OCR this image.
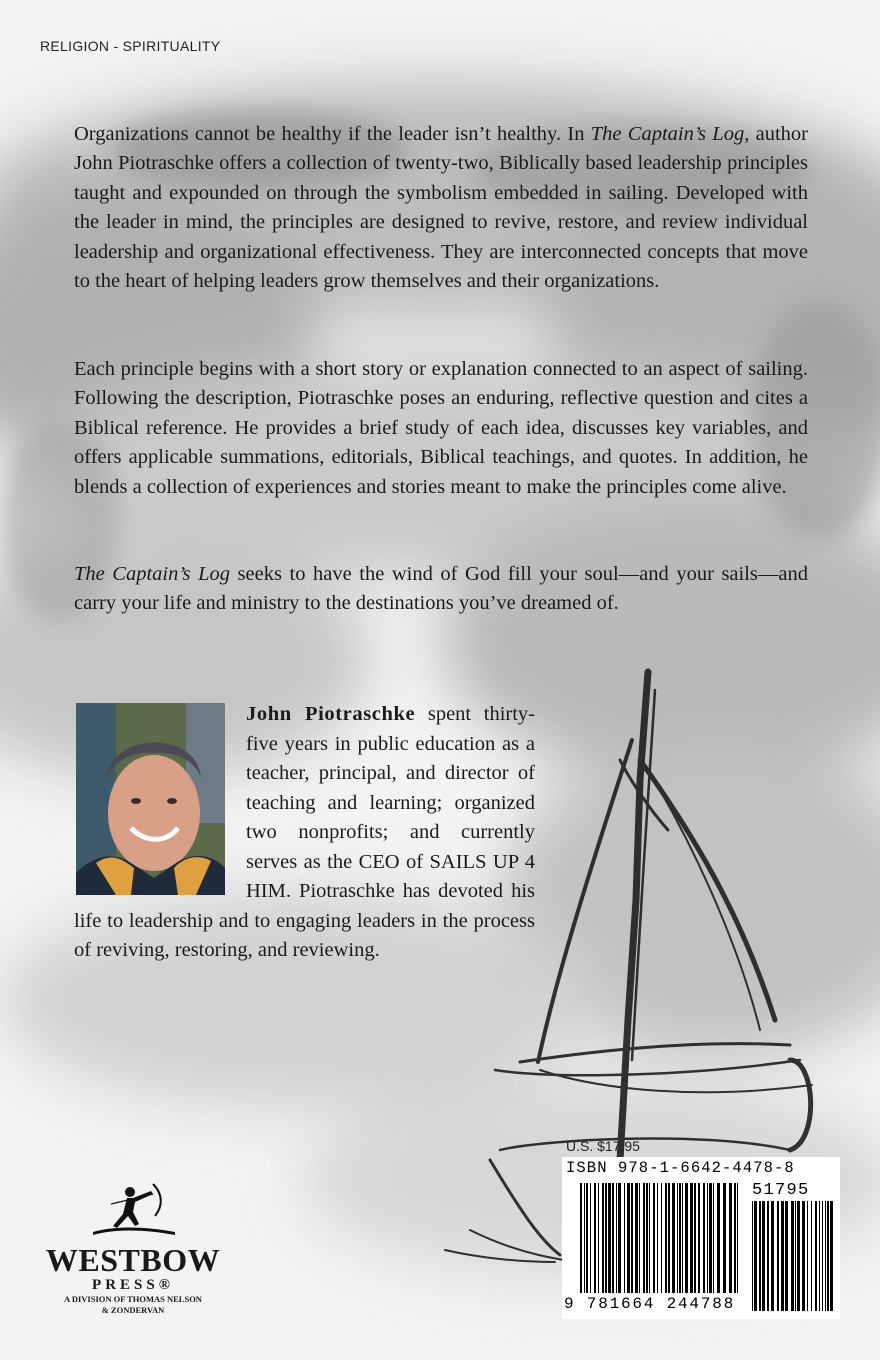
RELIGION - SPIRITUALITY

Organizations cannot be healthy if the leader isn’t healthy. In The Captain’s Log, author John Piotraschke offers a collection of twenty-two, Biblically based leadership principles taught and expounded on through the symbolism embedded in sailing. Developed with the leader in mind, the principles are designed to revive, restore, and review individual leadership and organizational effectiveness. They are interconnected concepts that move to the heart of helping leaders grow themselves and their organizations.

Each principle begins with a short story or explanation connected to an aspect of sailing. Following the description, Piotraschke poses an enduring, reflective question and cites a Biblical reference. He provides a brief study of each idea, discusses key variables, and offers applicable summations, editorials, Biblical teachings, and quotes. In addition, he blends a collection of experiences and stories meant to make the principles come alive.

The Captain’s Log seeks to have the wind of God fill your soul—and your sails—and carry your life and ministry to the destinations you’ve dreamed of.

John Piotraschke spent thirty-five years in public education as a teacher, principal, and director of teaching and learning; organized two nonprofits; and currently serves as the CEO of SAILS UP 4 HIM. Piotraschke has devoted his life to leadership and to engaging leaders in the process of reviving, restoring, and reviewing.

U.S. $17.95
ISBN 978-1-6642-4478-8
51795
9 781664 244788
WESTBOW
PRESS®
A DIVISION OF THOMAS NELSON
& ZONDERVAN
